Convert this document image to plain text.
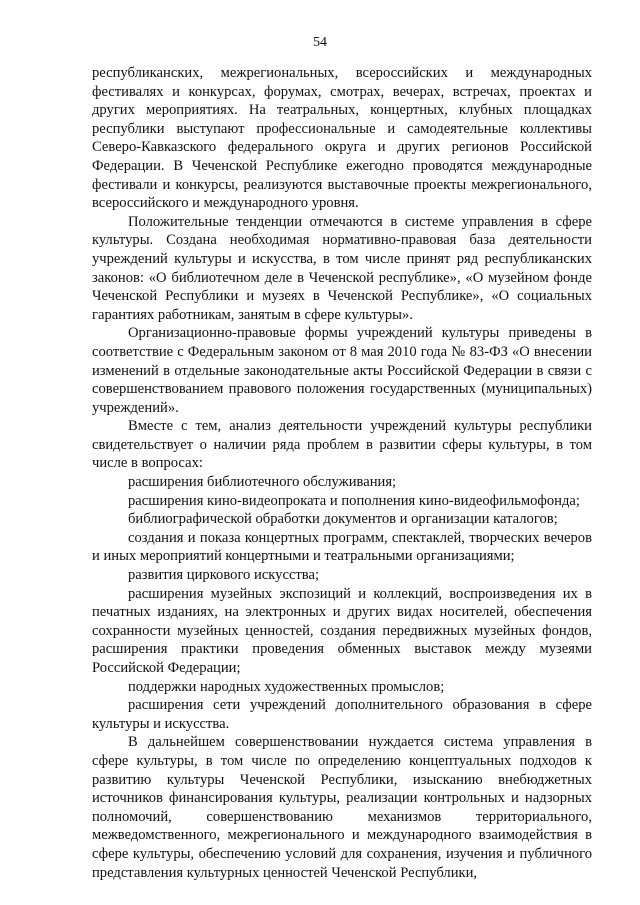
54

республиканских, межрегиональных, всероссийских и международных фестивалях и конкурсах, форумах, смотрах, вечерах, встречах, проектах и других мероприятиях. На театральных, концертных, клубных площадках республики выступают профессиональные и самодеятельные коллективы Северо-Кавказского федерального округа и других регионов Российской Федерации. В Чеченской Республике ежегодно проводятся международные фестивали и конкурсы, реализуются выставочные проекты межрегионального, всероссийского и международного уровня.

Положительные тенденции отмечаются в системе управления в сфере культуры. Создана необходимая нормативно-правовая база деятельности учреждений культуры и искусства, в том числе принят ряд республиканских законов: «О библиотечном деле в Чеченской республике», «О музейном фонде Чеченской Республики и музеях в Чеченской Республике», «О социальных гарантиях работникам, занятым в сфере культуры».

Организационно-правовые формы учреждений культуры приведены в соответствие с Федеральным законом от 8 мая 2010 года № 83-ФЗ «О внесении изменений в отдельные законодательные акты Российской Федерации в связи с совершенствованием правового положения государственных (муниципальных) учреждений».

Вместе с тем, анализ деятельности учреждений культуры республики свидетельствует о наличии ряда проблем в развитии сферы культуры, в том числе в вопросах:

расширения библиотечного обслуживания;

расширения кино-видеопроката и пополнения кино-видеофильмофонда;

библиографической обработки документов и организации каталогов;

создания и показа концертных программ, спектаклей, творческих вечеров и иных мероприятий концертными и театральными организациями;

развития циркового искусства;

расширения музейных экспозиций и коллекций, воспроизведения их в печатных изданиях, на электронных и других видах носителей, обеспечения сохранности музейных ценностей, создания передвижных музейных фондов, расширения практики проведения обменных выставок между музеями Российской Федерации;

поддержки народных художественных промыслов;

расширения сети учреждений дополнительного образования в сфере культуры и искусства.

В дальнейшем совершенствовании нуждается система управления в сфере культуры, в том числе по определению концептуальных подходов к развитию культуры Чеченской Республики, изысканию внебюджетных источников финансирования культуры, реализации контрольных и надзорных полномочий, совершенствованию механизмов территориального, межведомственного, межрегионального и международного взаимодействия в сфере культуры, обеспечению условий для сохранения, изучения и публичного представления культурных ценностей Чеченской Республики,
